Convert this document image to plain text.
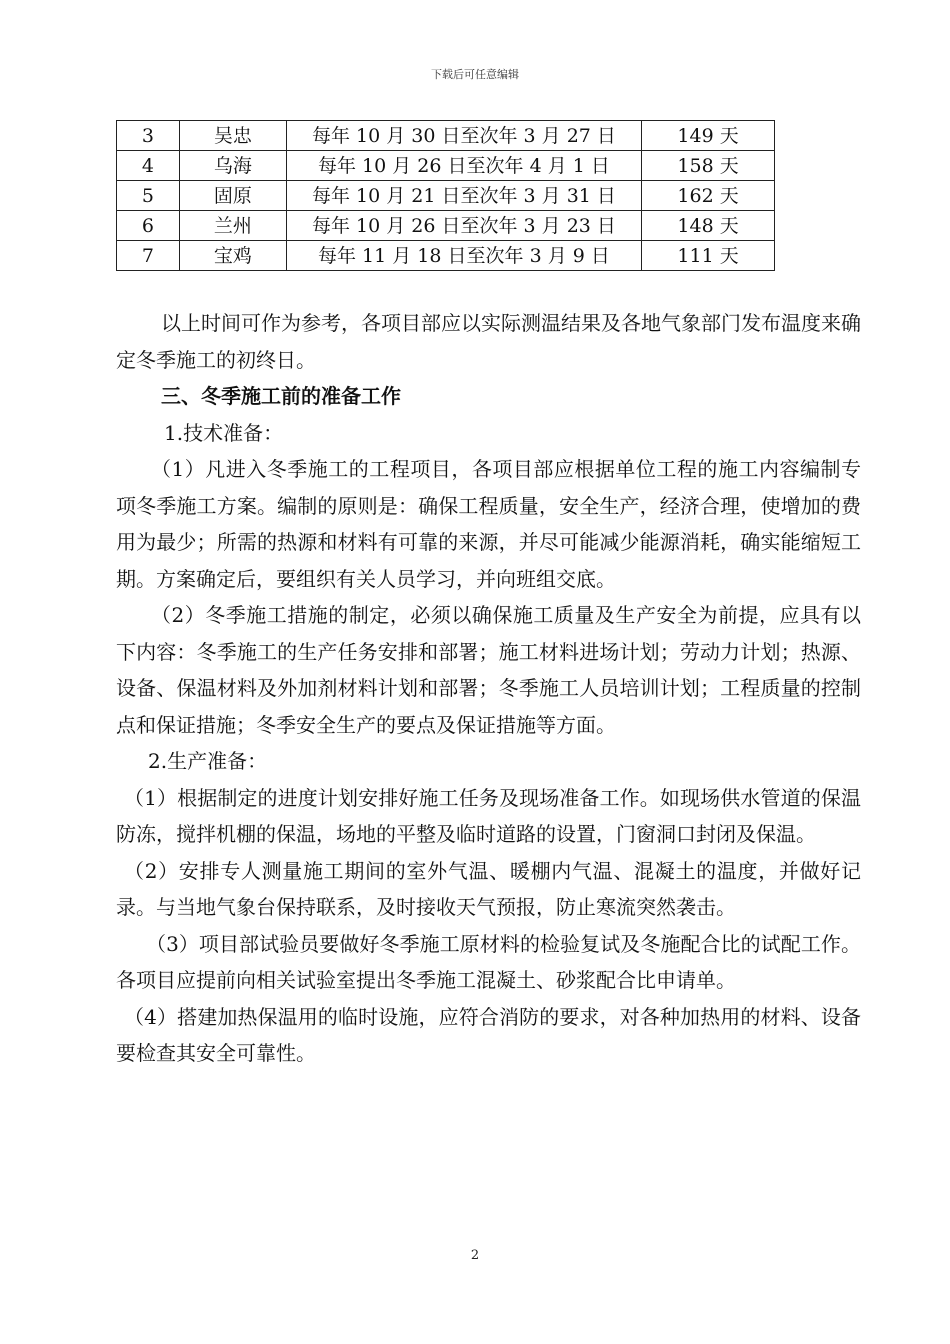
下载后可任意编辑
3	吴忠	每年 10 月 30 日至次年 3 月 27 日	149 天
4	乌海	每年 10 月 26 日至次年 4 月 1 日	158 天
5	固原	每年 10 月 21 日至次年 3 月 31 日	162 天
6	兰州	每年 10 月 26 日至次年 3 月 23 日	148 天
7	宝鸡	每年 11 月 18 日至次年 3 月 9 日	111 天

以上时间可作为参考，各项目部应以实际测温结果及各地气象部门发布温度来确定冬季施工的初终日。

三、冬季施工前的准备工作

1.技术准备：

（1）凡进入冬季施工的工程项目，各项目部应根据单位工程的施工内容编制专项冬季施工方案。编制的原则是：确保工程质量，安全生产，经济合理，使增加的费用为最少；所需的热源和材料有可靠的来源，并尽可能减少能源消耗，确实能缩短工期。方案确定后，要组织有关人员学习，并向班组交底。

（2）冬季施工措施的制定，必须以确保施工质量及生产安全为前提，应具有以下内容：冬季施工的生产任务安排和部署；施工材料进场计划；劳动力计划；热源、设备、保温材料及外加剂材料计划和部署；冬季施工人员培训计划；工程质量的控制点和保证措施；冬季安全生产的要点及保证措施等方面。

2.生产准备：

（1）根据制定的进度计划安排好施工任务及现场准备工作。如现场供水管道的保温防冻，搅拌机棚的保温，场地的平整及临时道路的设置，门窗洞口封闭及保温。

（2）安排专人测量施工期间的室外气温、暖棚内气温、混凝土的温度，并做好记录。与当地气象台保持联系，及时接收天气预报，防止寒流突然袭击。

（3）项目部试验员要做好冬季施工原材料的检验复试及冬施配合比的试配工作。各项目应提前向相关试验室提出冬季施工混凝土、砂浆配合比申请单。

（4）搭建加热保温用的临时设施，应符合消防的要求，对各种加热用的材料、设备要检查其安全可靠性。

2
